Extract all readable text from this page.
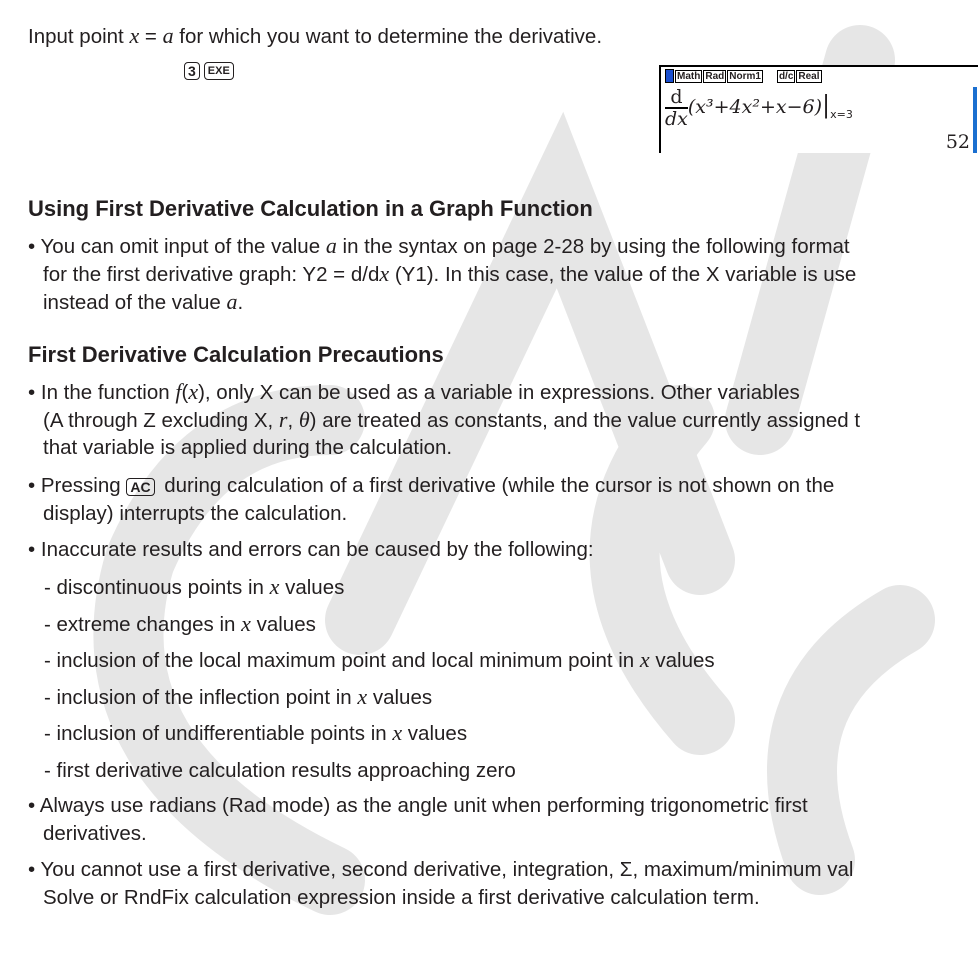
Input point x = a for which you want to determine the derivative.
3 EXE	Math Rad Norm1 d/c Real
$\frac{d}{dx} (x^3+4x^2+x-6)|_{x=3}$
52
Using First Derivative Calculation in a Graph Function
• You can omit input of the value a in the syntax on page 2-28 by using the following format
for the first derivative graph: Y2 = d/dx (Y1). In this case, the value of the X variable is use
instead of the value a.
First Derivative Calculation Precautions
• In the function f(x), only X can be used as a variable in expressions. Other variables
(A through Z excluding X, r, θ) are treated as constants, and the value currently assigned t
that variable is applied during the calculation.
• Pressing AC during calculation of a first derivative (while the cursor is not shown on the
display) interrupts the calculation.
• Inaccurate results and errors can be caused by the following:
- discontinuous points in x values
- extreme changes in x values
- inclusion of the local maximum point and local minimum point in x values
- inclusion of the inflection point in x values
- inclusion of undifferentiable points in x values
- first derivative calculation results approaching zero
• Always use radians (Rad mode) as the angle unit when performing trigonometric first
derivatives.
• You cannot use a first derivative, second derivative, integration, Σ, maximum/minimum val
Solve or RndFix calculation expression inside a first derivative calculation term.
